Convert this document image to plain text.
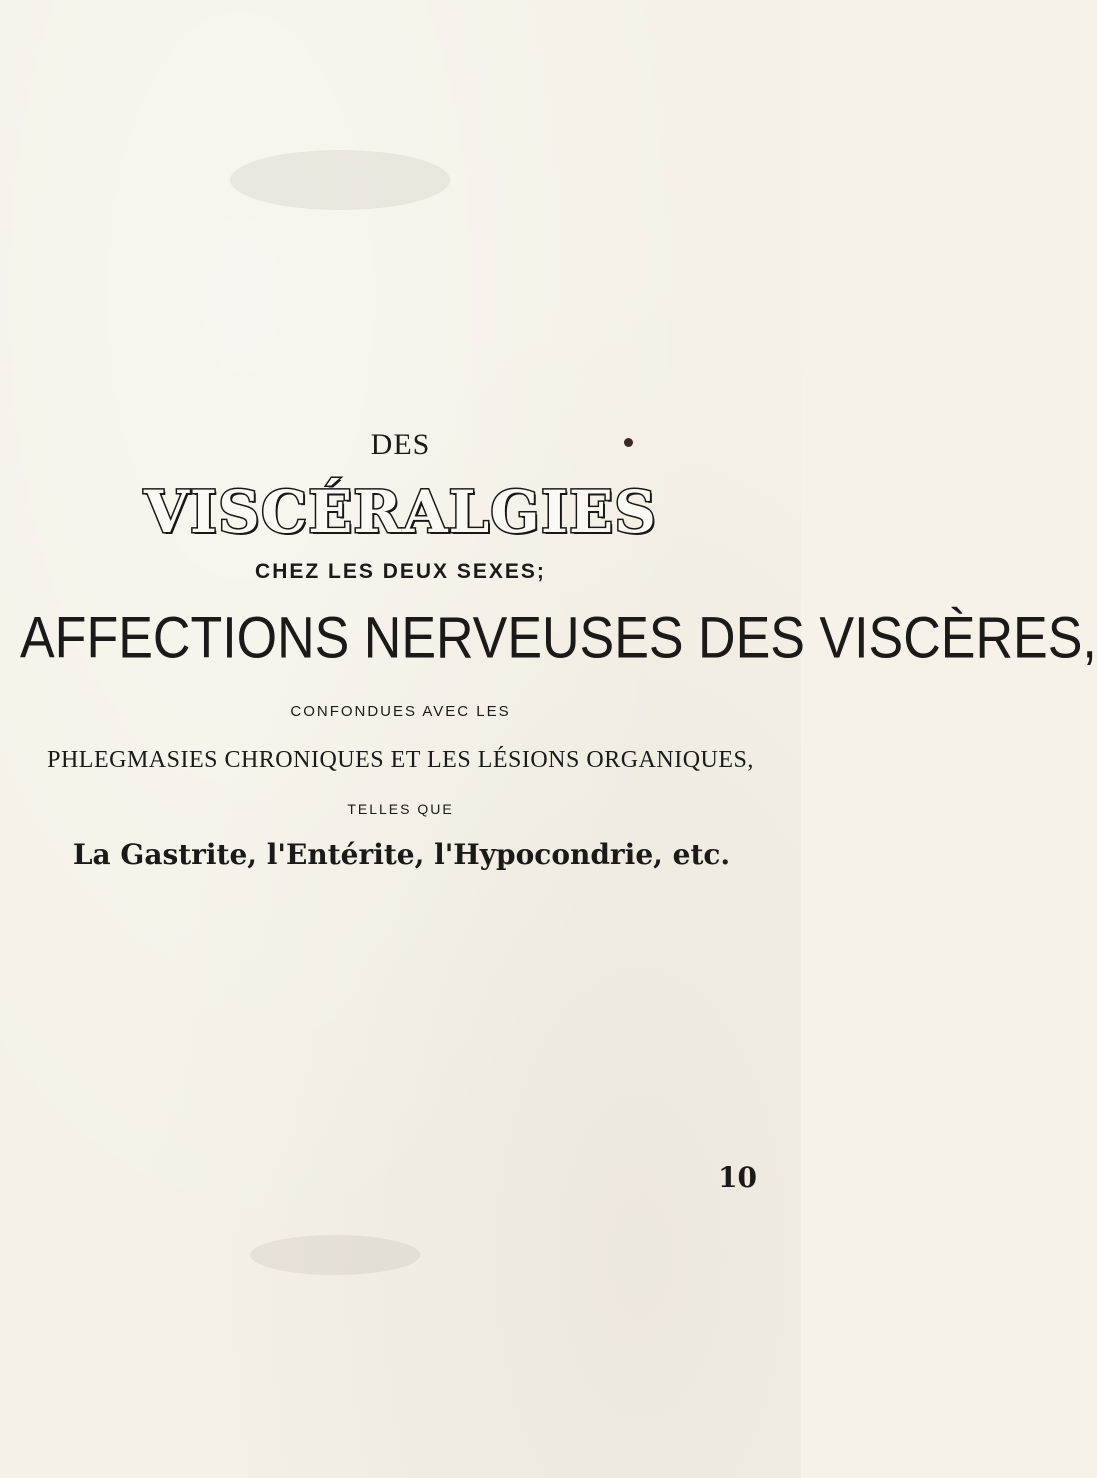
DES
VISCÉRALGIES
CHEZ LES DEUX SEXES;
AFFECTIONS NERVEUSES DES VISCÈRES,
CONFONDUES AVEC LES
PHLEGMASIES CHRONIQUES ET LES LÉSIONS ORGANIQUES,
TELLES QUE
La Gastrite, l'Entérite, l'Hypocondrie, etc.
10
